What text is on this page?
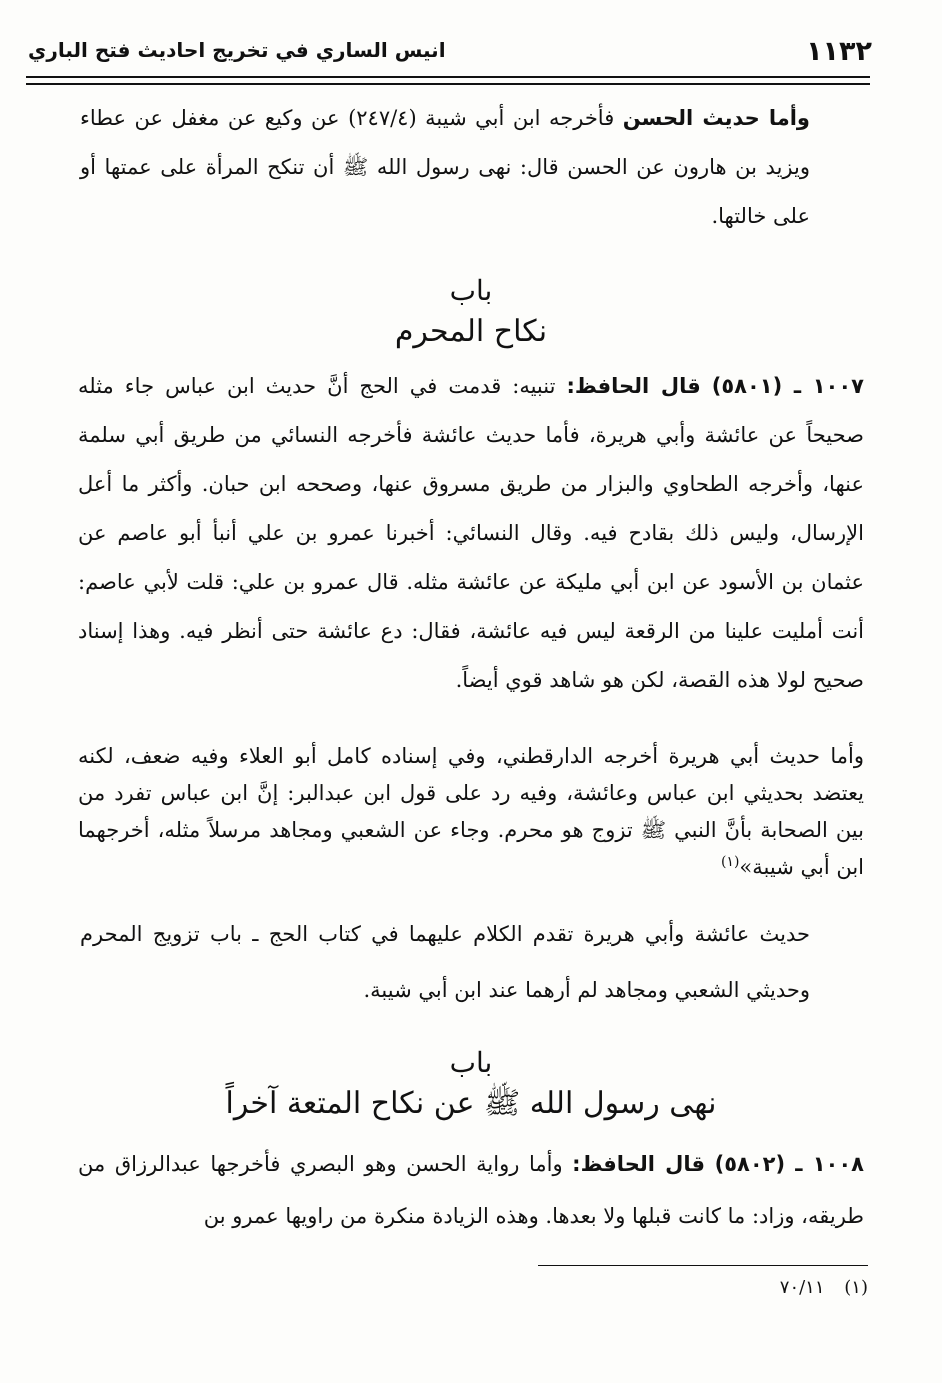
١١٣٢
انيس الساري في تخريج احاديث فتح الباري
وأما حديث الحسن فأخرجه ابن أبي شيبة (٢٤٧/٤) عن وكيع عن مغفل عن عطاء ويزيد بن هارون عن الحسن قال: نهى رسول الله ﷺ أن تنكح المرأة على عمتها أو على خالتها.
باب
نكاح المحرم
١٠٠٧ ـ (٥٨٠١) قال الحافظ: تنبيه: قدمت في الحج أنَّ حديث ابن عباس جاء مثله صحيحاً عن عائشة وأبي هريرة، فأما حديث عائشة فأخرجه النسائي من طريق أبي سلمة عنها، وأخرجه الطحاوي والبزار من طريق مسروق عنها، وصححه ابن حبان. وأكثر ما أعل الإرسال، وليس ذلك بقادح فيه. وقال النسائي: أخبرنا عمرو بن علي أنبأ أبو عاصم عن عثمان بن الأسود عن ابن أبي مليكة عن عائشة مثله. قال عمرو بن علي: قلت لأبي عاصم: أنت أمليت علينا من الرقعة ليس فيه عائشة، فقال: دع عائشة حتى أنظر فيه. وهذا إسناد صحيح لولا هذه القصة، لكن هو شاهد قوي أيضاً.
وأما حديث أبي هريرة أخرجه الدارقطني، وفي إسناده كامل أبو العلاء وفيه ضعف، لكنه يعتضد بحديثي ابن عباس وعائشة، وفيه رد على قول ابن عبدالبر: إنَّ ابن عباس تفرد من بين الصحابة بأنَّ النبي ﷺ تزوج هو محرم. وجاء عن الشعبي ومجاهد مرسلاً مثله، أخرجهما ابن أبي شيبة»$^{(١)}$
حديث عائشة وأبي هريرة تقدم الكلام عليهما في كتاب الحج ـ باب تزويج المحرم وحديثي الشعبي ومجاهد لم أرهما عند ابن أبي شيبة.
باب
نهى رسول الله ﷺ عن نكاح المتعة آخراً
١٠٠٨ ـ (٥٨٠٢) قال الحافظ: وأما رواية الحسن وهو البصري فأخرجها عبدالرزاق من طريقه، وزاد: ما كانت قبلها ولا بعدها. وهذه الزيادة منكرة من راويها عمرو بن
(١) ٧٠/١١
